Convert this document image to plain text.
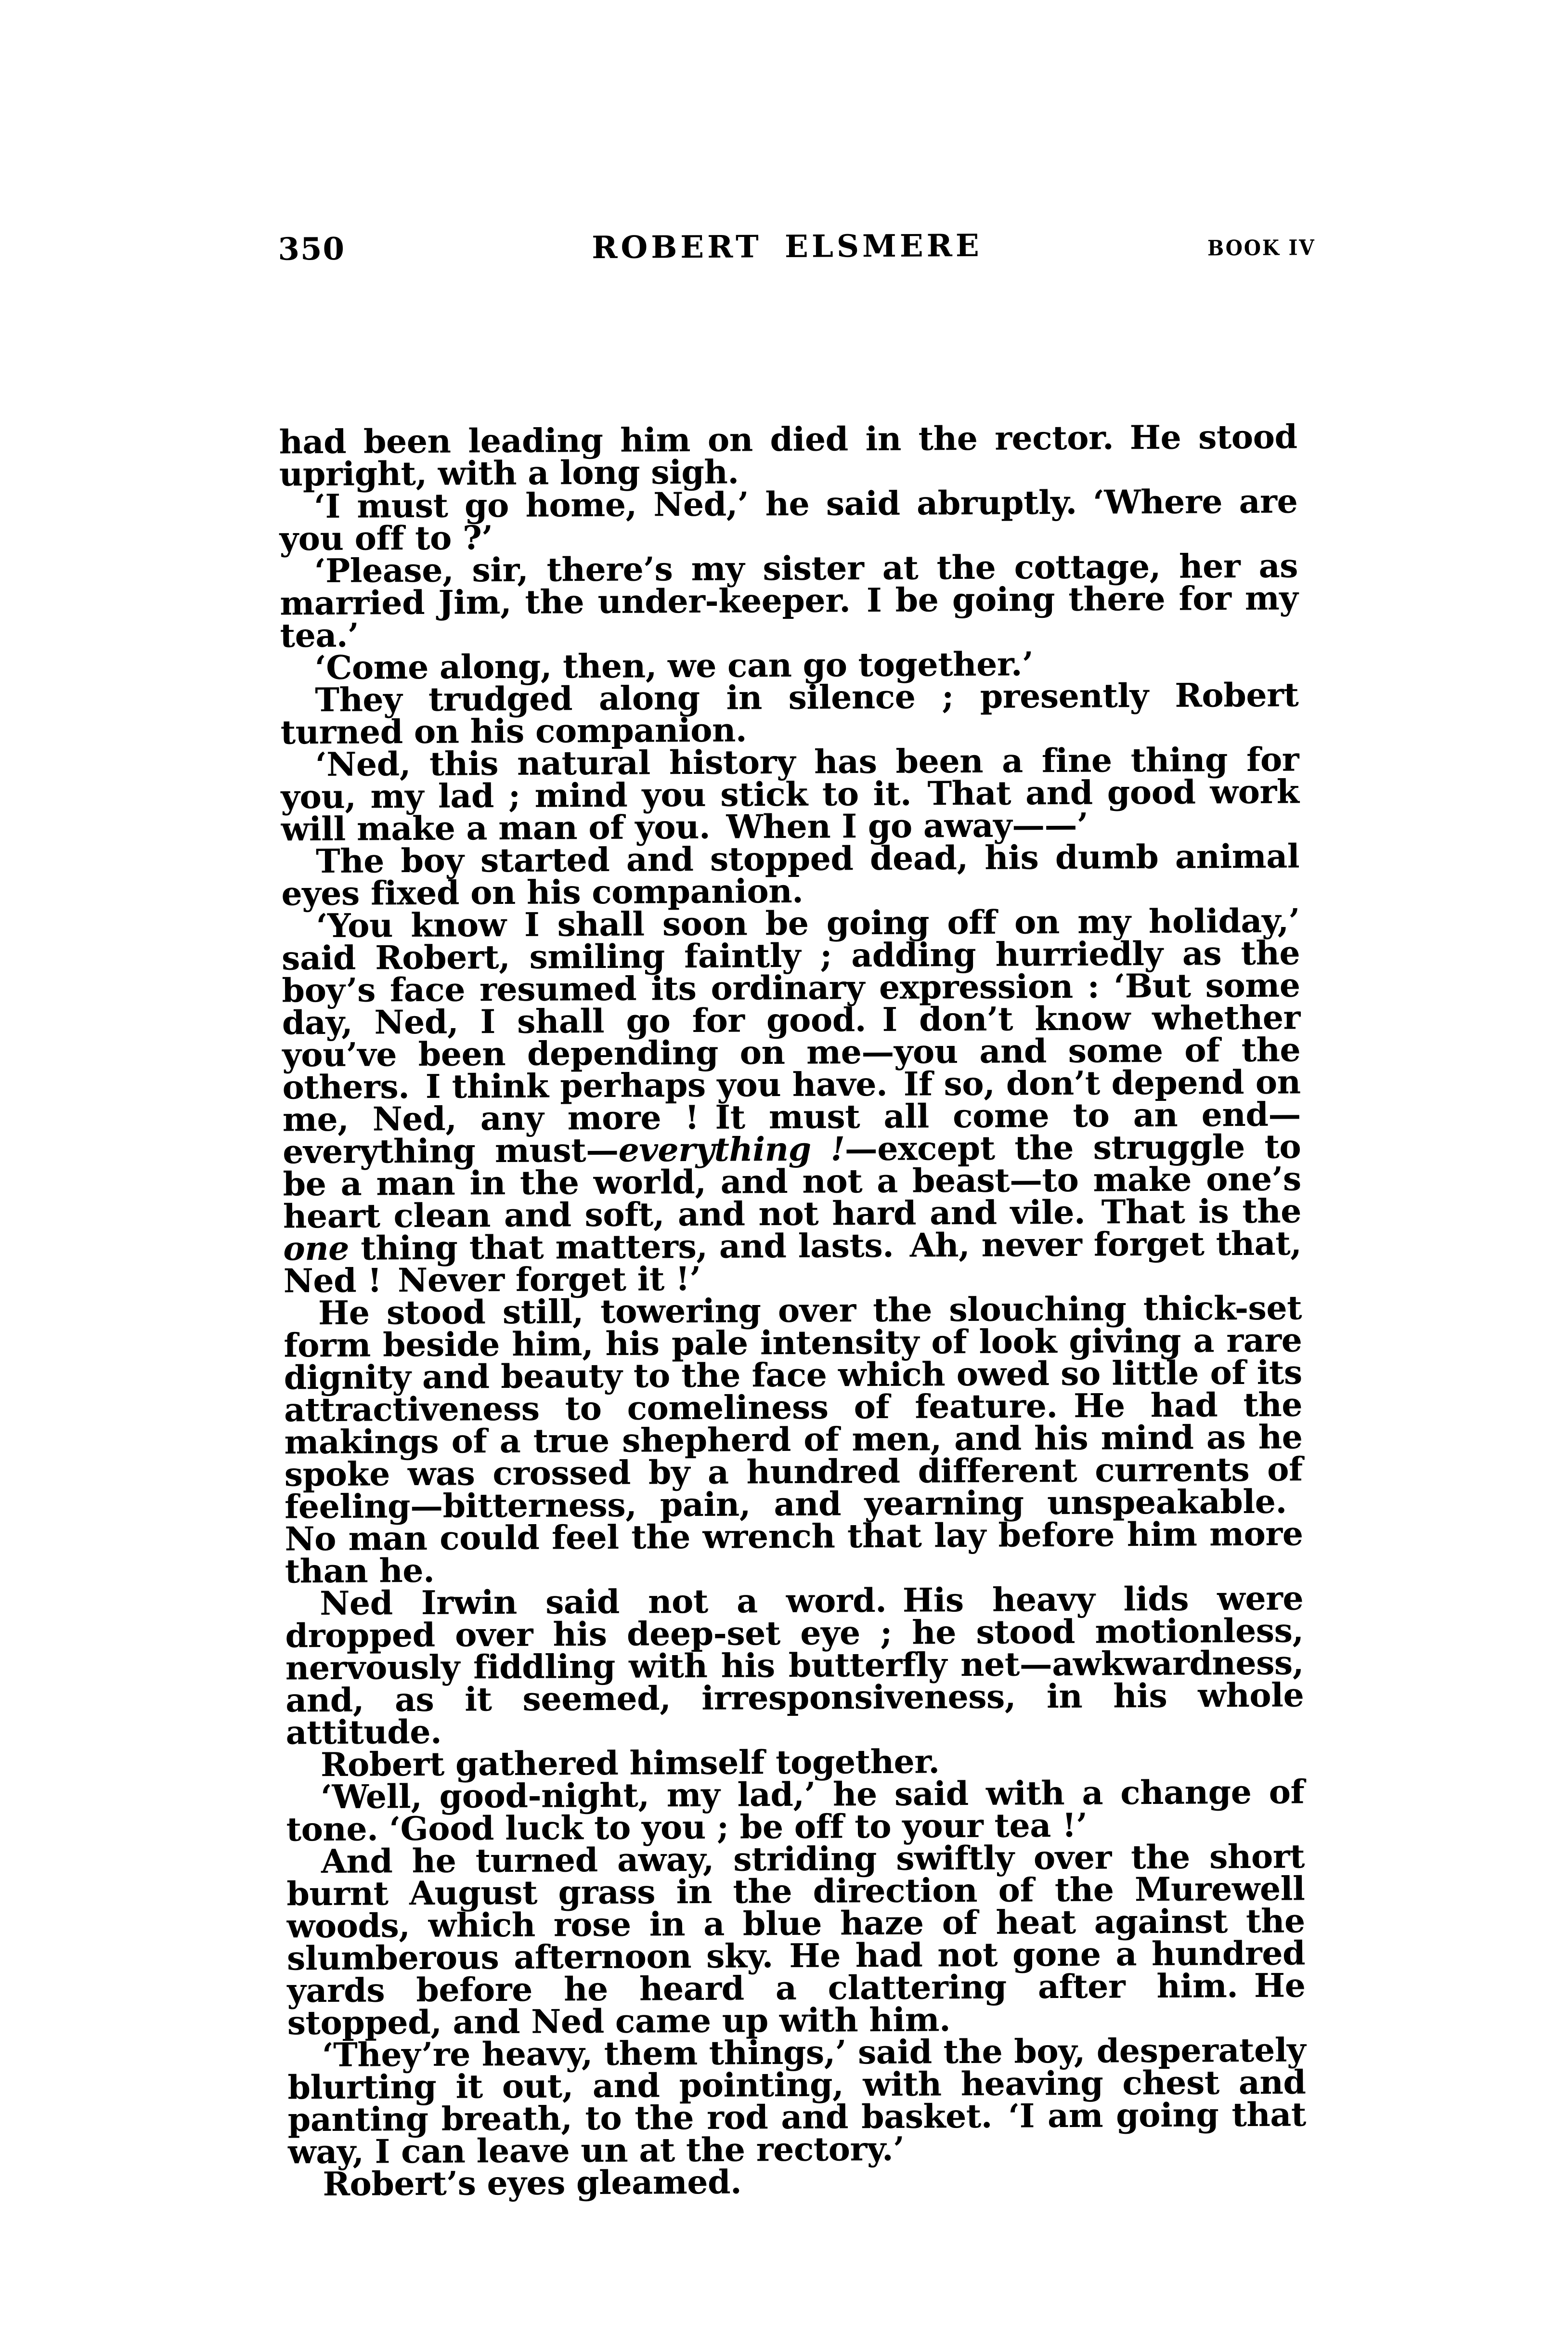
350	ROBERT ELSMERE	BOOK IV

had been leading him on died in the rector. He stood upright, with a long sigh.

‘I must go home, Ned,’ he said abruptly. ‘Where are you off to ?’

‘Please, sir, there’s my sister at the cottage, her as married Jim, the under-keeper. I be going there for my tea.’

‘Come along, then, we can go together.’

They trudged along in silence ; presently Robert turned on his companion.

‘Ned, this natural history has been a fine thing for you, my lad ; mind you stick to it. That and good work will make a man of you. When I go away——’

The boy started and stopped dead, his dumb animal eyes fixed on his companion.

‘You know I shall soon be going off on my holiday,’ said Robert, smiling faintly ; adding hurriedly as the boy’s face resumed its ordinary expression : ‘But some day, Ned, I shall go for good. I don’t know whether you’ve been depending on me—you and some of the others. I think perhaps you have. If so, don’t depend on me, Ned, any more ! It must all come to an end—everything must—everything !—except the struggle to be a man in the world, and not a beast—to make one’s heart clean and soft, and not hard and vile. That is the one thing that matters, and lasts. Ah, never forget that, Ned ! Never forget it !’

He stood still, towering over the slouching thick-set form beside him, his pale intensity of look giving a rare dignity and beauty to the face which owed so little of its attractiveness to comeliness of feature. He had the makings of a true shepherd of men, and his mind as he spoke was crossed by a hundred different currents of feeling—bitterness, pain, and yearning unspeakable. No man could feel the wrench that lay before him more than he.

Ned Irwin said not a word. His heavy lids were dropped over his deep-set eye ; he stood motionless, nervously fiddling with his butterfly net—awkwardness, and, as it seemed, irresponsiveness, in his whole attitude.

Robert gathered himself together.

‘Well, good-night, my lad,’ he said with a change of tone. ‘Good luck to you ; be off to your tea !’

And he turned away, striding swiftly over the short burnt August grass in the direction of the Murewell woods, which rose in a blue haze of heat against the slumberous afternoon sky. He had not gone a hundred yards before he heard a clattering after him. He stopped, and Ned came up with him.

‘They’re heavy, them things,’ said the boy, desperately blurting it out, and pointing, with heaving chest and panting breath, to the rod and basket. ‘I am going that way, I can leave un at the rectory.’

Robert’s eyes gleamed.
